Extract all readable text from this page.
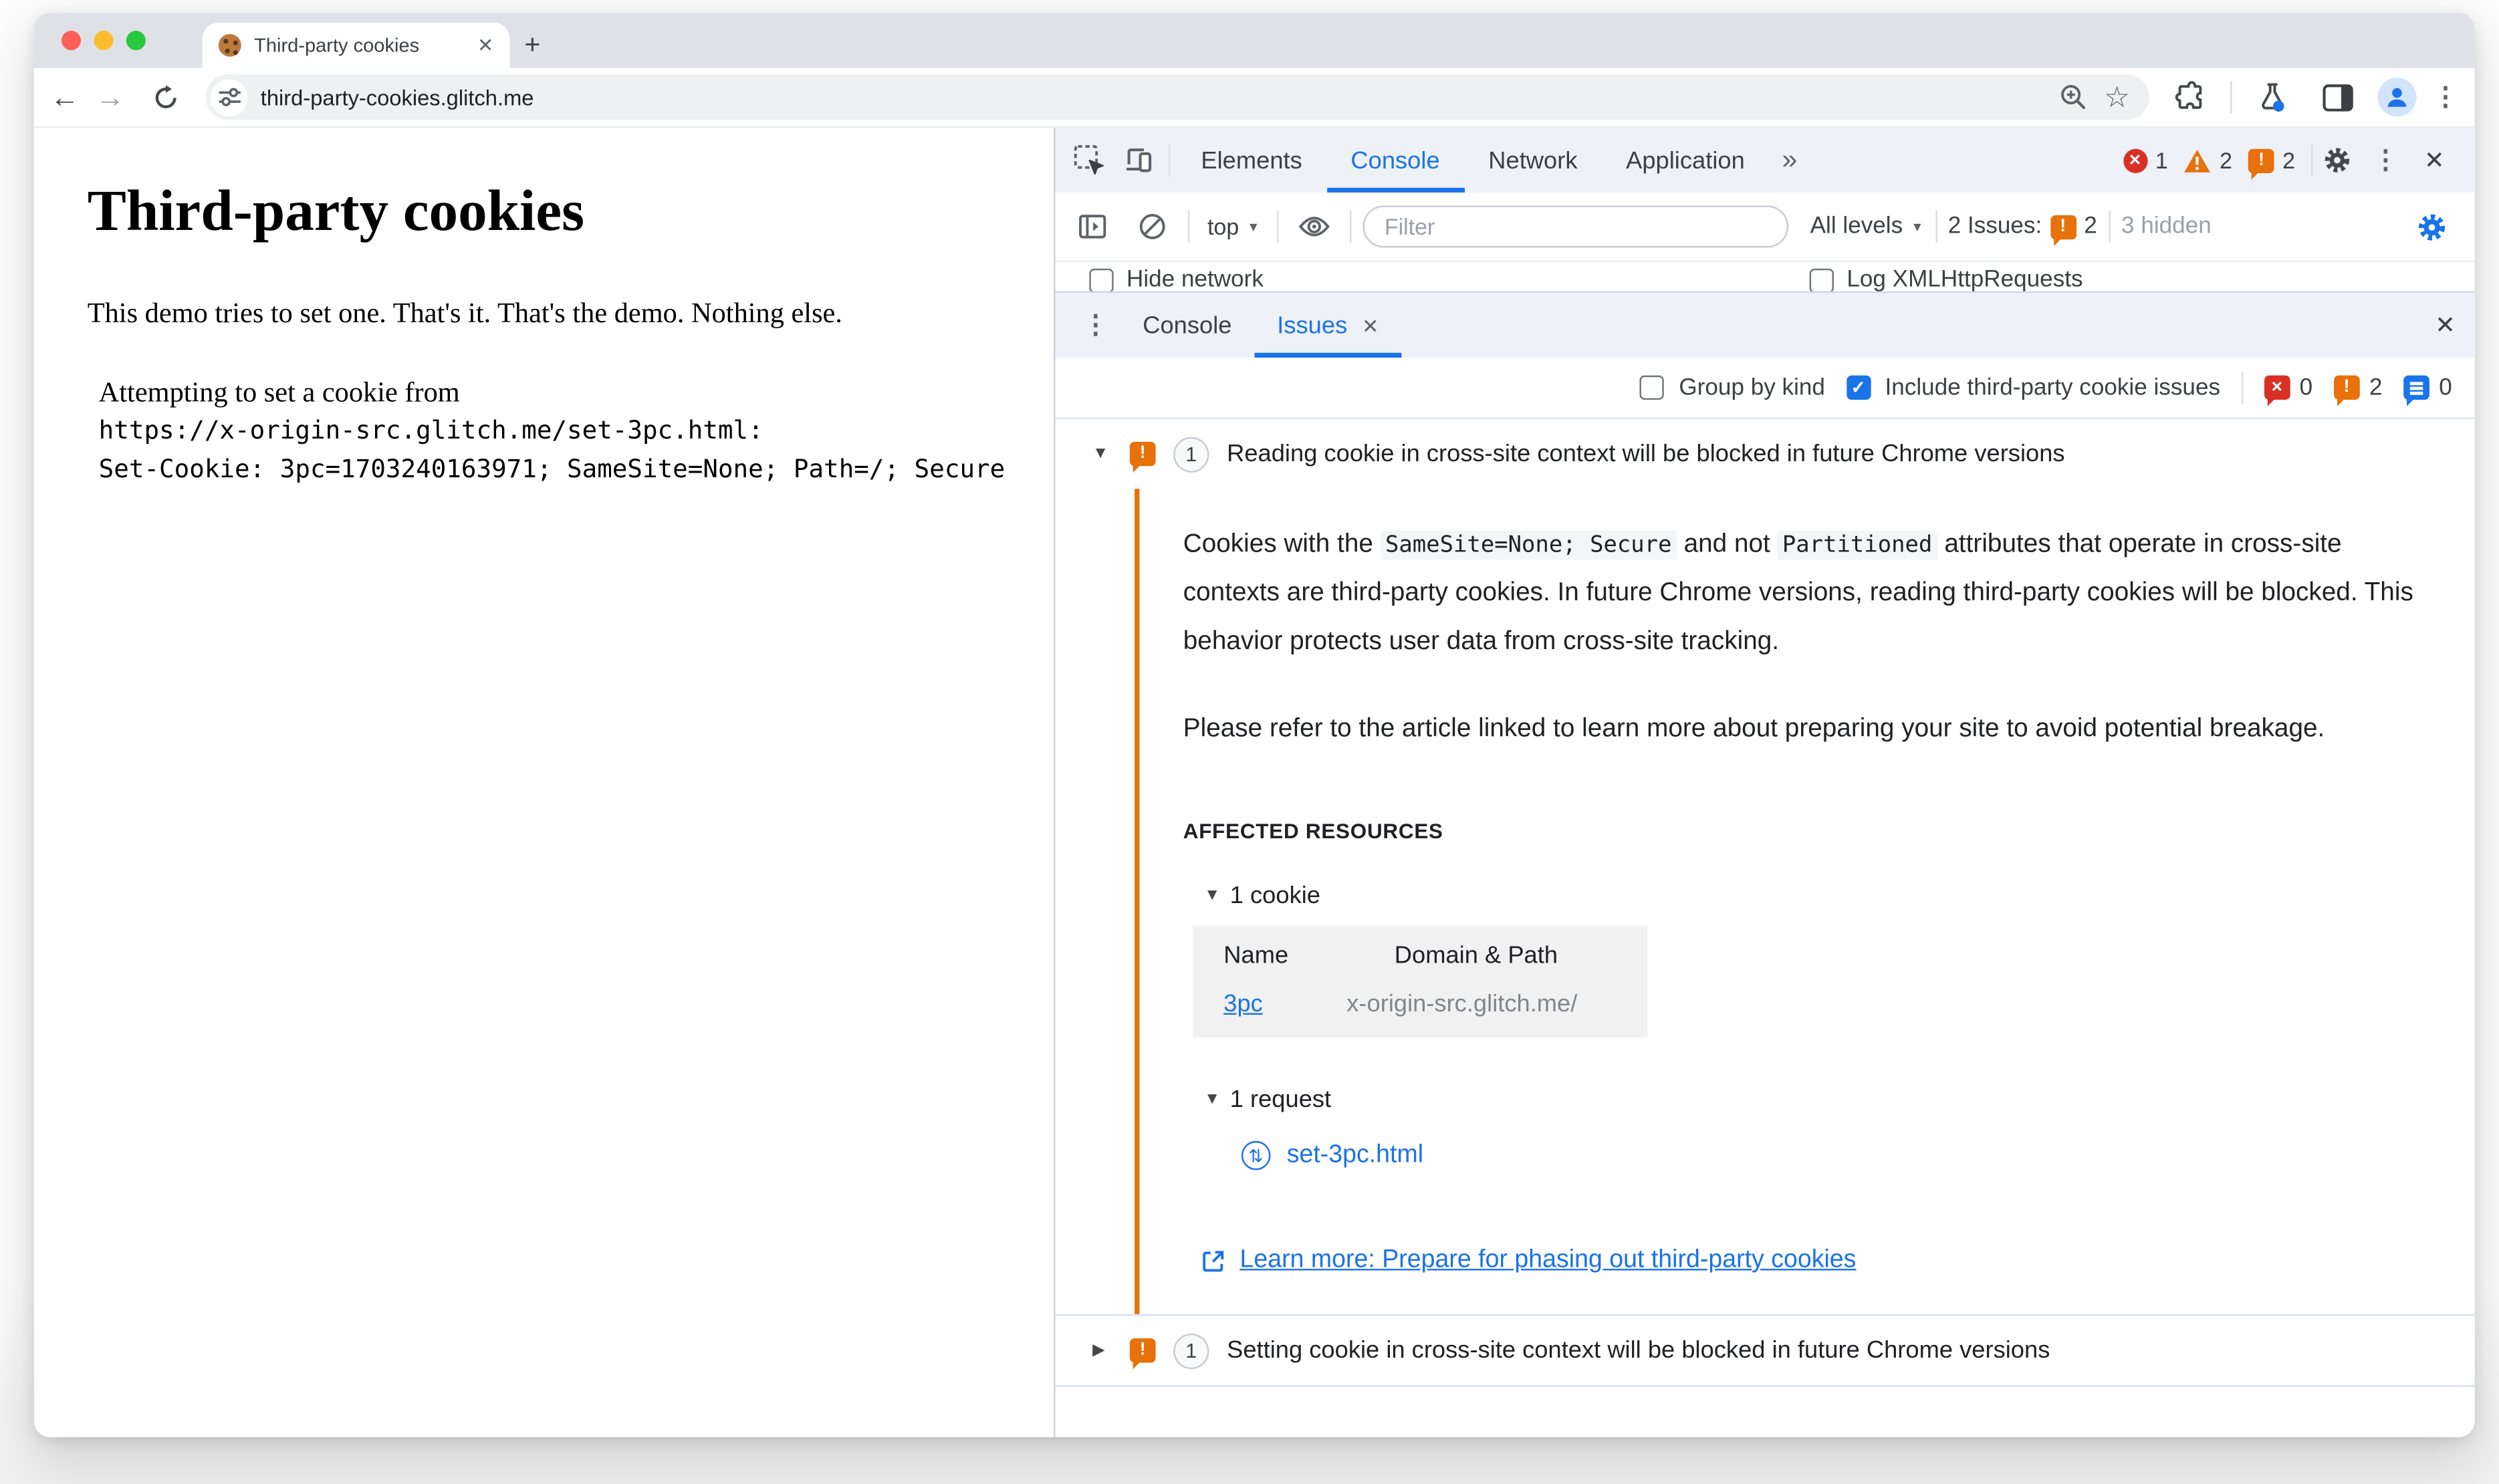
Third-party cookies
✕
+
←
→
third-party-cookies.glitch.me
☆
⋮
Third-party cookies

This demo tries to set one. That's it. That's the demo. Nothing else.

Attempting to set a cookie from
https://x-origin-src.glitch.me/set-3pc.html:
Set-Cookie: 3pc=1703240163971; SameSite=None; Path=/; Secure
Elements	Console	Network	Application » ✕	1	2 !	2
⋮
✕
top ▼
Filter	All levels ▼	2 Issues: !	2	3 hidden
Hide network	Log XMLHttpRequests
⋮
Console	Issues
✕
✕
Group by kind ✓	Include third-party cookie issues ✕	0 !	2	0
▼
!
1	Reading cookie in cross-site context will be blocked in future Chrome versions

Cookies with the SameSite=None; Secure and not Partitioned attributes that operate in cross-site contexts are third-party cookies. In future Chrome versions, reading third-party cookies will be blocked. This behavior protects user data from cross-site tracking.

Please refer to the article linked to learn more about preparing your site to avoid potential breakage.

AFFECTED RESOURCES
▼
1 cookie
Name	Domain & Path
3pc	x-origin-src.glitch.me/
▼
1 request
⇅
set-3pc.html
Learn more: Prepare for phasing out third-party cookies
▶
!
1	Setting cookie in cross-site context will be blocked in future Chrome versions
